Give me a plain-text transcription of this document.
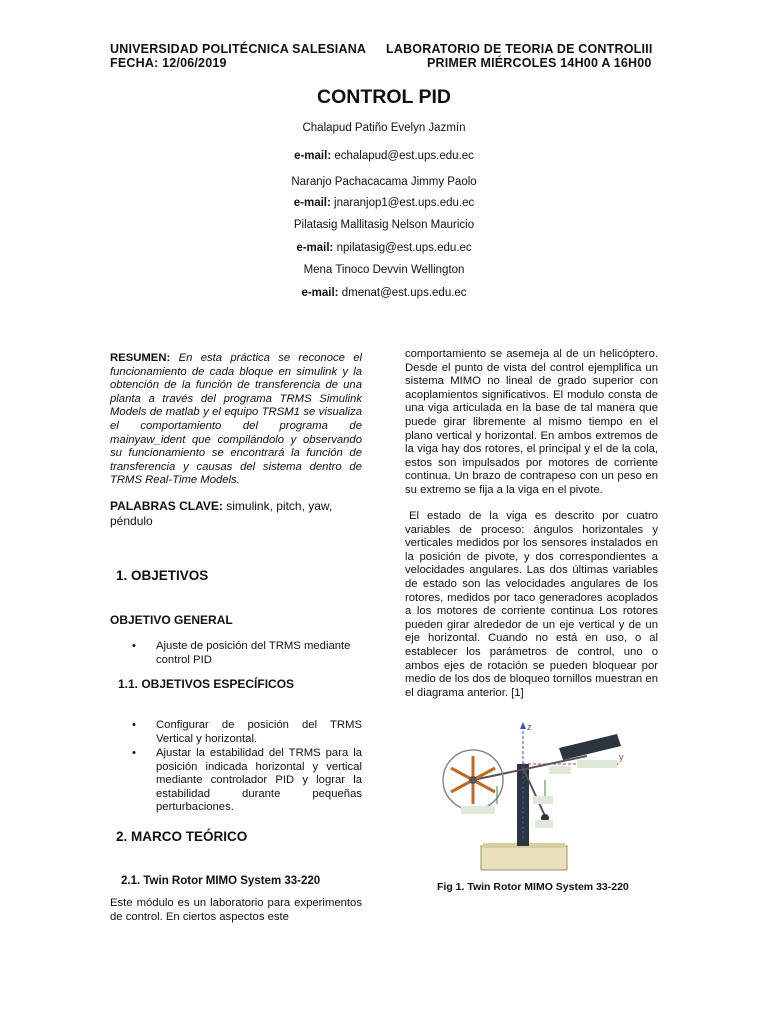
UNIVERSIDAD POLITÉCNICA SALESIANA
FECHA: 12/06/2019
LABORATORIO DE TEORIA DE CONTROLIII
PRIMER MIÉRCOLES 14H00 A 16H00
CONTROL PID
Chalapud Patiño Evelyn Jazmín
e-mail: echalapud@est.ups.edu.ec
Naranjo Pachacacama Jimmy Paolo
e-mail: jnaranjop1@est.ups.edu.ec
Pilatasig Mallitasig Nelson Mauricio
e-mail: npilatasig@est.ups.edu.ec
Mena Tinoco Devvin Wellington
e-mail: dmenat@est.ups.edu.ec
RESUMEN: En esta práctica se reconoce el funcionamiento de cada bloque en simulink y la obtención de la función de transferencia de una planta a través del programa TRMS Simulink Models de matlab y el equipo TRSM1 se visualiza el comportamiento del programa de mainyaw_ident que compilándolo y observando su funcionamiento se encontrará la función de transferencia y causas del sistema dentro de TRMS Real-Time Models.
PALABRAS CLAVE: simulink, pitch, yaw, péndulo
1. OBJETIVOS
OBJETIVO GENERAL
• Ajuste de posición del TRMS mediante control PID
1.1. OBJETIVOS ESPECÍFICOS
• Configurar de posición del TRMS Vertical y horizontal.
• Ajustar la estabilidad del TRMS para la posición indicada horizontal y vertical mediante controlador PID y lograr la estabilidad durante pequeñas perturbaciones.
2. MARCO TEÓRICO
2.1. Twin Rotor MIMO System 33-220
Este módulo es un laboratorio para experimentos de control. En ciertos aspectos este
comportamiento se asemeja al de un helicóptero. Desde el punto de vista del control ejemplifica un sistema MIMO no lineal de grado superior con acoplamientos significativos. El modulo consta de una viga articulada en la base de tal manera que puede girar libremente al mismo tiempo en el plano vertical y horizontal. En ambos extremos de la viga hay dos rotores, el principal y el de la cola, estos son impulsados por motores de corriente continua. Un brazo de contrapeso con un peso en su extremo se fija a la viga en el pivote.
El estado de la viga es descrito por cuatro variables de proceso: ángulos horizontales y verticales medidos por los sensores instalados en la posición de pivote, y dos correspondientes a velocidades angulares. Las dos últimas variables de estado son las velocidades angulares de los rotores, medidos por taco generadores acoplados a los motores de corriente continua Los rotores pueden girar alrededor de un eje vertical y de un eje horizontal. Cuando no está en uso, o al establecer los parámetros de control, uno o ambos ejes de rotación se pueden bloquear por medio de los dos de bloqueo tornillos muestran en el diagrama anterior. [1]
z
y
Fig 1. Twin Rotor MIMO System 33-220
